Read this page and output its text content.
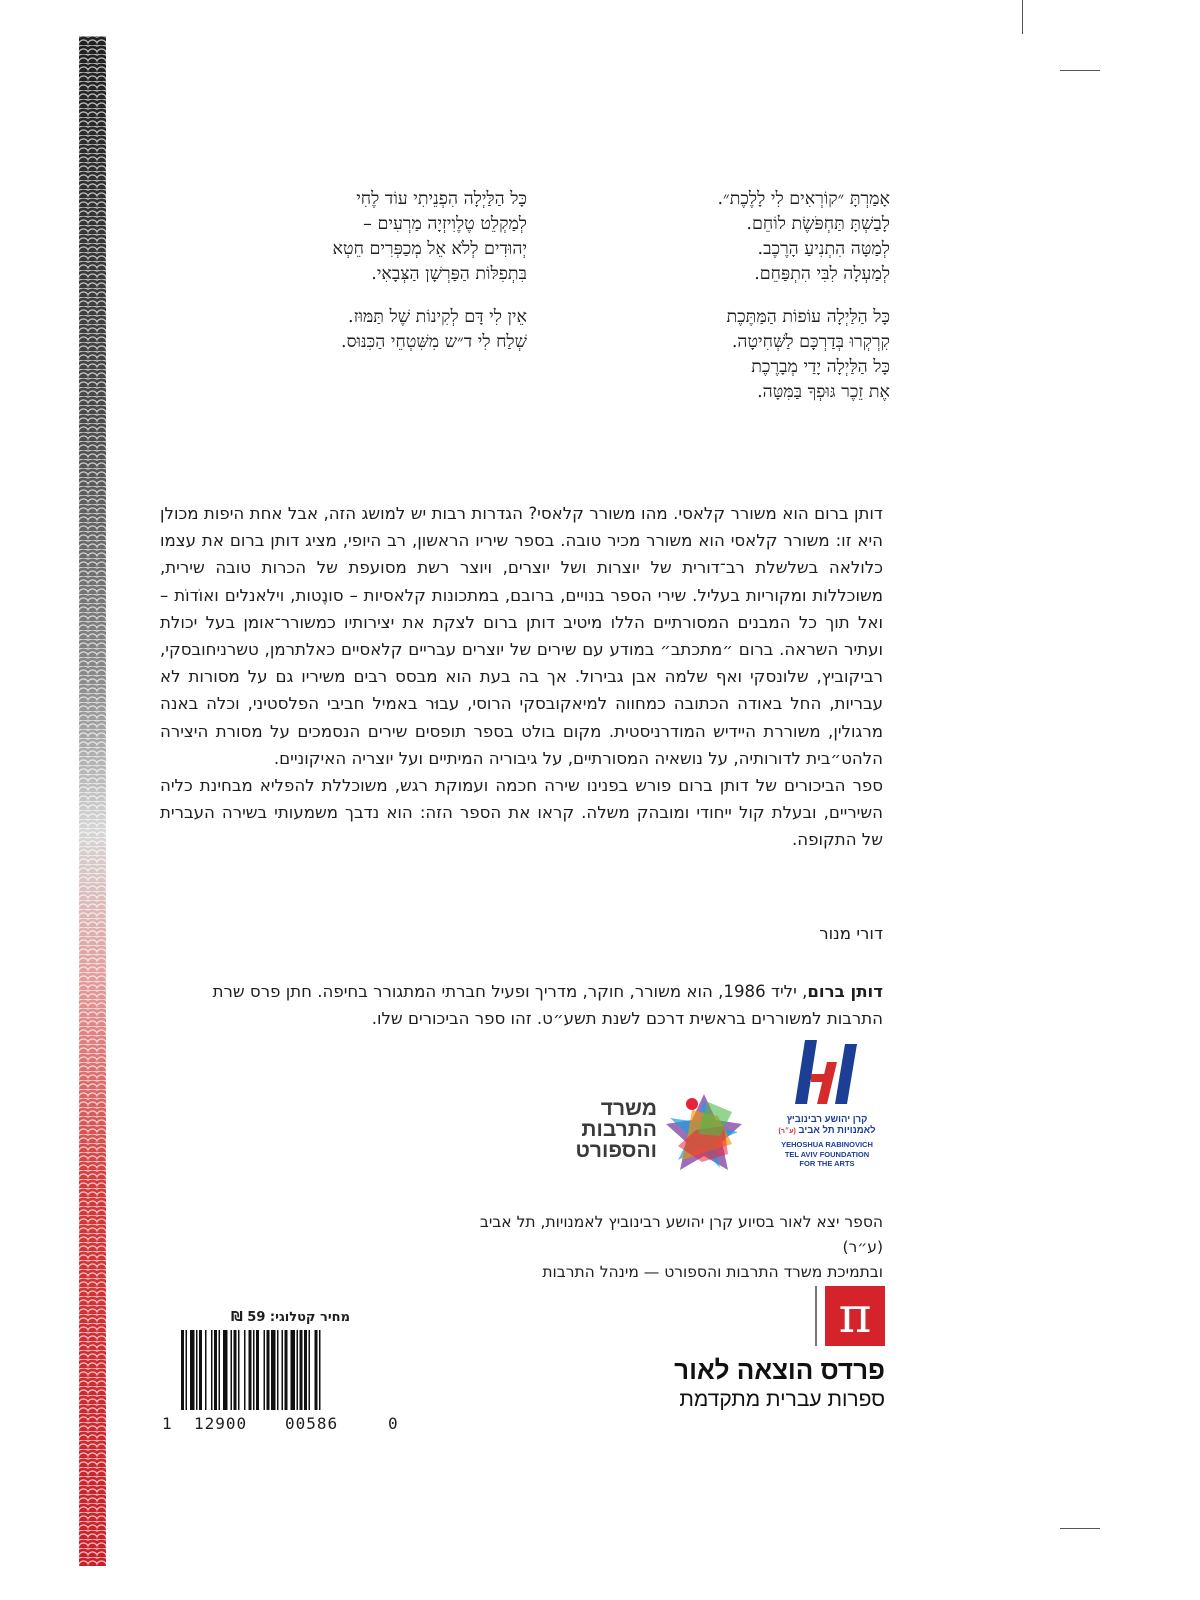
אָמַרְתָּ ״קוֹרְאִים לִי לָלֶכֶת״.
לָבַשְׁתָּ תַּחְפֹּשֶׂת לוֹחֵם.
לְמַטָּה הִתְנִיעַ הָרֶכֶב.
לְמַעְלָה לִבִּי הִתְפַּחֵם.
כָּל הַלַּיְלָה עוֹפוֹת הַמַּתֶּכֶת
קִרְקְרוּ בְּדַרְכָּם לַשְּׁחִיטָה.
כָּל הַלַּיְלָה יָדַי מְבָרֶכֶת
אֶת זֵכֶר גּוּפְךָ בַּמִּטָּה.
כָּל הַלַּיְלָה הִפְנֵיתִי עוֹד לֶחִי
לְמַקְלֵט טֶלֶוִיזְיָה מַרְעִים –
יְהוּדִים לְלֹא אֵל מְכַפְּרִים חֵטְא
בִּתְפִלּוֹת הַפַּרְשָׁן הַצְּבָאִי.
אֵין לִי דָּם לְקִינוֹת שֶׁל תַּמּוּז.
שְׁלַח לִי ד״ש מִשִּׁטְחֵי הַכִּנּוּס.

דותן ברום הוא משורר קלאסי. מהו משורר קלאסי? הגדרות רבות יש למושג הזה, אבל אחת היפות מכולן היא זו: משורר קלאסי הוא משורר מכיר טובה. בספר שיריו הראשון, רב היופי, מציג דותן ברום את עצמו כלולאה בשלשלת רב־דורית של יוצרות ושל יוצרים, ויוצר רשת מסועפת של הכרות טובה שירית, משוכללות ומקוריות בעליל. שירי הספר בנויים, ברובם, במתכונות קלאסיות – סונֶטות, וילאנלים ואוֹדוֹת – ואל תוך כל המבנים המסורתיים הללו מיטיב דותן ברום לצקת את יצירותיו כמשורר־אומן בעל יכולת ועתיר השראה. ברום ״מתכתב״ במודע עם שירים של יוצרים עבריים קלאסיים כאלתרמן, טשרניחובסקי, רביקוביץ, שלונסקי ואף שלמה אבן גבירול. אך בה בעת הוא מבסס רבים משיריו גם על מסורות לא עבריות, החל באודה הכתובה כמחווה למיאקובסקי הרוסי, עבוּר באמיל חביבי הפלסטיני, וכלה באנה מרגולין, משוררת היידיש המודרניסטית. מקום בולט בספר תופסים שירים הנסמכים על מסורת היצירה הלהט״בית לדורותיה, על נושאיה המסורתיים, על גיבוריה המיתיים ועל יוצריה האיקוניים.

ספר הביכורים של דותן ברום פורש בפנינו שירה חכמה ועמוקת רגש, משוכללת להפליא מבחינת כליה השיריים, ובעלת קול ייחודי ומובהק משלה. קראו את הספר הזה: הוא נדבך משמעותי בשירה העברית של התקופה.

דורי מנור
דותן ברום, יליד 1986, הוא משורר, חוקר, מדריך ופעיל חברתי המתגורר בחיפה. חתן פרס שרת התרבות למשוררים בראשית דרכם לשנת תשע״ט. זהו ספר הביכורים שלו.
משרד
התרבות
והספורט
קרן יהושע רבינוביץ
לאמנויות תל אביב (ע״ר)
YEHOSHUA RABINOVICH
TEL AVIV FOUNDATION
FOR THE ARTS
הספר יצא לאור בסיוע קרן יהושע רבינוביץ לאמנויות, תל אביב (ע״ר)
ובתמיכת משרד התרבות והספורט — מינהל התרבות
מחיר קטלוגי: 59 ₪
1 12900 00586	0
π
פרדס הוצאה לאור
ספרות עברית מתקדמת
